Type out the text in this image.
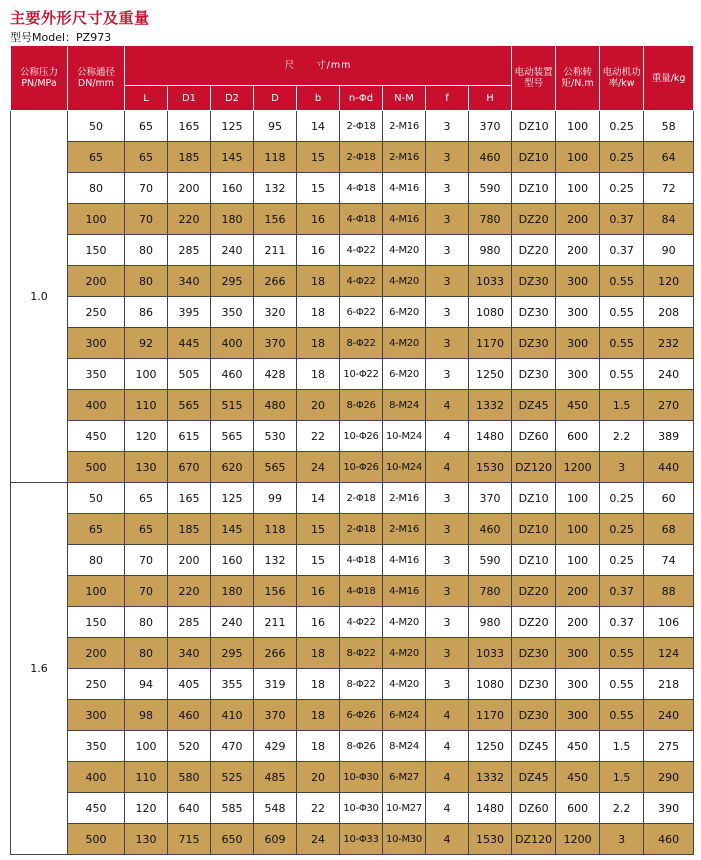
主要外形尺寸及重量
型号Model：PZ973
公称压力PN/MPa	公称通径DN/mm	尺　　寸/mm									电动装置型号	公称转矩/N.m	电动机功率/kw	重量/kg
		L	D1	D2	D	b	n-Φd	N-M	f	H				
1.0	50	65	165	125	95	14	2-Φ18	2-M16	3	370	DZ10	100	0.25	58
	65	65	185	145	118	15	2-Φ18	2-M16	3	460	DZ10	100	0.25	64
	80	70	200	160	132	15	4-Φ18	4-M16	3	590	DZ10	100	0.25	72
	100	70	220	180	156	16	4-Φ18	4-M16	3	780	DZ20	200	0.37	84
	150	80	285	240	211	16	4-Φ22	4-M20	3	980	DZ20	200	0.37	90
	200	80	340	295	266	18	4-Φ22	4-M20	3	1033	DZ30	300	0.55	120
	250	86	395	350	320	18	6-Φ22	6-M20	3	1080	DZ30	300	0.55	208
	300	92	445	400	370	18	8-Φ22	4-M20	3	1170	DZ30	300	0.55	232
	350	100	505	460	428	18	10-Φ22	6-M20	3	1250	DZ30	300	0.55	240
	400	110	565	515	480	20	8-Φ26	8-M24	4	1332	DZ45	450	1.5	270
	450	120	615	565	530	22	10-Φ26	10-M24	4	1480	DZ60	600	2.2	389
	500	130	670	620	565	24	10-Φ26	10-M24	4	1530	DZ120	1200	3	440
1.6	50	65	165	125	99	14	2-Φ18	2-M16	3	370	DZ10	100	0.25	60
	65	65	185	145	118	15	2-Φ18	2-M16	3	460	DZ10	100	0.25	68
	80	70	200	160	132	15	4-Φ18	4-M16	3	590	DZ10	100	0.25	74
	100	70	220	180	156	16	4-Φ18	4-M16	3	780	DZ20	200	0.37	88
	150	80	285	240	211	16	4-Φ22	4-M20	3	980	DZ20	200	0.37	106
	200	80	340	295	266	18	8-Φ22	4-M20	3	1033	DZ30	300	0.55	124
	250	94	405	355	319	18	8-Φ22	4-M20	3	1080	DZ30	300	0.55	218
	300	98	460	410	370	18	6-Φ26	6-M24	4	1170	DZ30	300	0.55	240
	350	100	520	470	429	18	8-Φ26	8-M24	4	1250	DZ45	450	1.5	275
	400	110	580	525	485	20	10-Φ30	6-M27	4	1332	DZ45	450	1.5	290
	450	120	640	585	548	22	10-Φ30	10-M27	4	1480	DZ60	600	2.2	390
	500	130	715	650	609	24	10-Φ33	10-M30	4	1530	DZ120	1200	3	460
